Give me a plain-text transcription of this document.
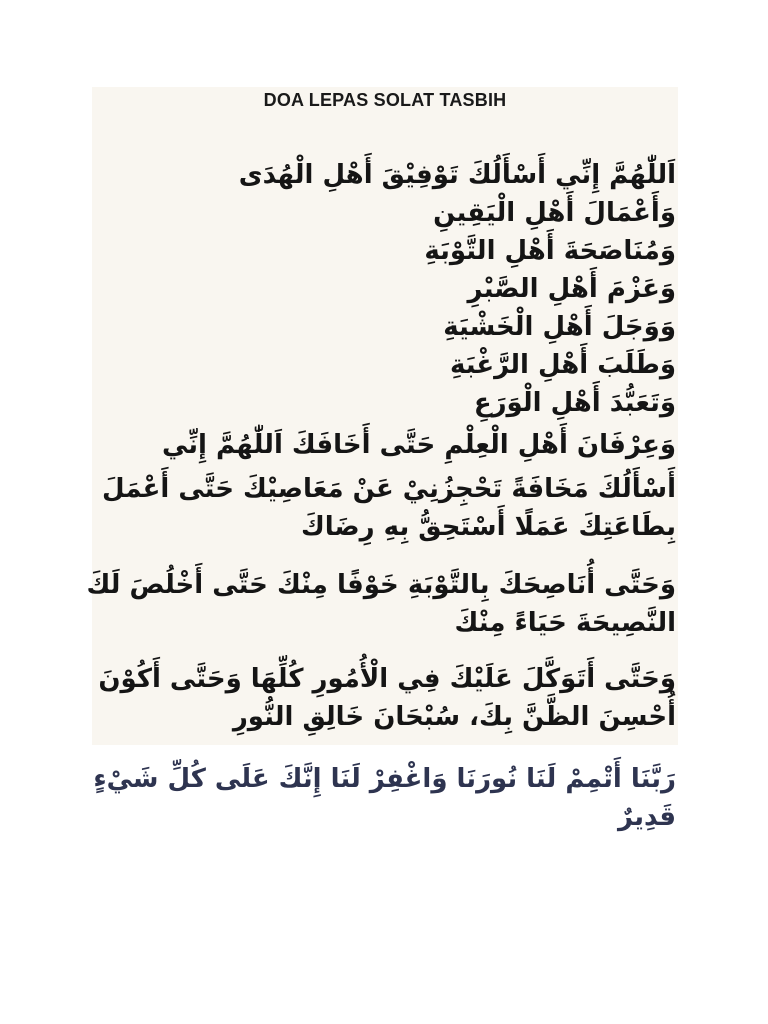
DOA LEPAS SOLAT TASBIH
اَللّٰهُمَّ إِنِّي أَسْأَلُكَ تَوْفِيْقَ أَهْلِ الْهُدَى
وَأَعْمَالَ أَهْلِ الْيَقِينِ
وَمُنَاصَحَةَ أَهْلِ التَّوْبَةِ
وَعَزْمَ أَهْلِ الصَّبْرِ
وَوَجَلَ أَهْلِ الْخَشْيَةِ
وَطَلَبَ أَهْلِ الرَّغْبَةِ
وَتَعَبُّدَ أَهْلِ الْوَرَعِ
وَعِرْفَانَ أَهْلِ الْعِلْمِ حَتَّى أَخَافَكَ اَللّٰهُمَّ إِنِّي
أَسْأَلُكَ مَخَافَةً تَحْجِزُنِيْ عَنْ مَعَاصِيْكَ حَتَّى أَعْمَلَ بِطَاعَتِكَ عَمَلًا أَسْتَحِقُّ بِهِ رِضَاكَ
وَحَتَّى أُنَاصِحَكَ بِالتَّوْبَةِ خَوْفًا مِنْكَ حَتَّى أَخْلُصَ لَكَ النَّصِيحَةَ حَيَاءً مِنْكَ
وَحَتَّى أَتَوَكَّلَ عَلَيْكَ فِي الْأُمُورِ كُلِّهَا وَحَتَّى أَكُوْنَ أُحْسِنَ الظَّنَّ بِكَ، سُبْحَانَ خَالِقِ النُّورِ
رَبَّنَا أَتْمِمْ لَنَا نُورَنَا وَاغْفِرْ لَنَا إِنَّكَ عَلَى كُلِّ شَيْءٍ قَدِيرٌ
